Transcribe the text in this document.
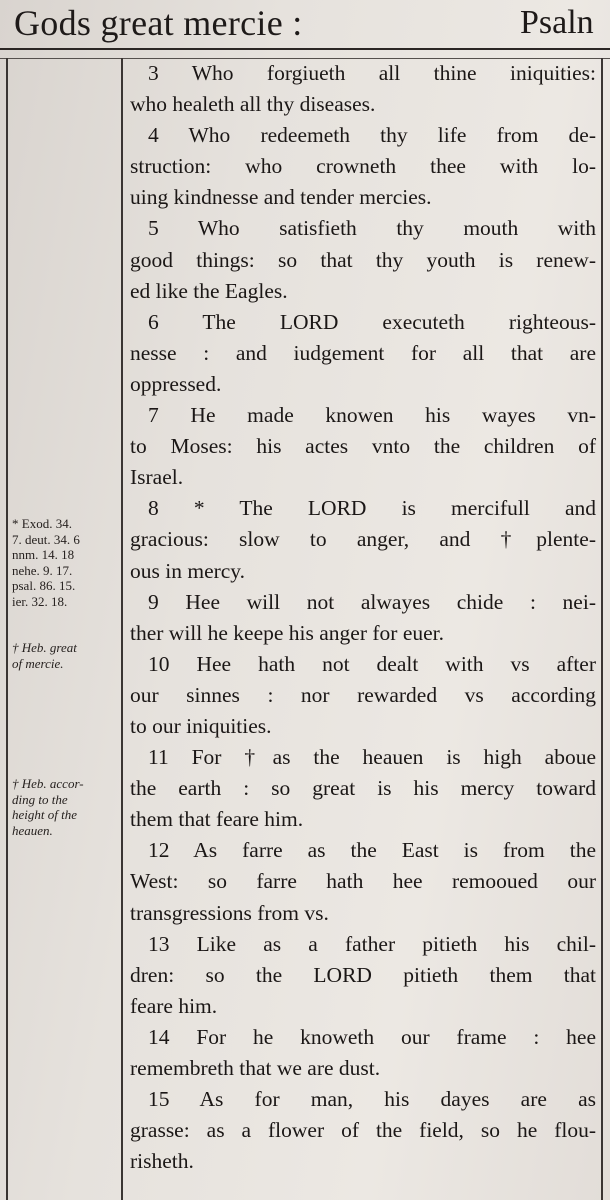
Gods great mercie :	Psaln
* Exod. 34.
7. deut. 34. 6
nnm. 14. 18
nehe. 9. 17.
psal. 86. 15.
ier. 32. 18.
† Heb. great
of mercie.
† Heb. accor-
ding to the
height of the
heauen.
3 Who forgiueth all thine iniquities:
who healeth all thy diseases.
4 Who redeemeth thy life from de-
struction: who crowneth thee with lo-
uing kindnesse and tender mercies.
5 Who satisfieth thy mouth with
good things: so that thy youth is renew-
ed like the Eagles.
6 The LORD executeth righteous-
nesse : and iudgement for all that are
oppressed.
7 He made knowen his wayes vn-
to Moses: his actes vnto the children of
Israel.
8 * The LORD is mercifull and
gracious: slow to anger, and †plente-
ous in mercy.
9 Hee will not alwayes chide : nei-
ther will he keepe his anger for euer.
10 Hee hath not dealt with vs after
our sinnes : nor rewarded vs according
to our iniquities.
11 For †as the heauen is high aboue
the earth : so great is his mercy toward
them that feare him.
12 As farre as the East is from the
West: so farre hath hee remooued our
transgressions from vs.
13 Like as a father pitieth his chil-
dren: so the LORD pitieth them that
feare him.
14 For he knoweth our frame : hee
remembreth that we are dust.
15 As for man, his dayes are as
grasse: as a flower of the field, so he flou-
risheth.
